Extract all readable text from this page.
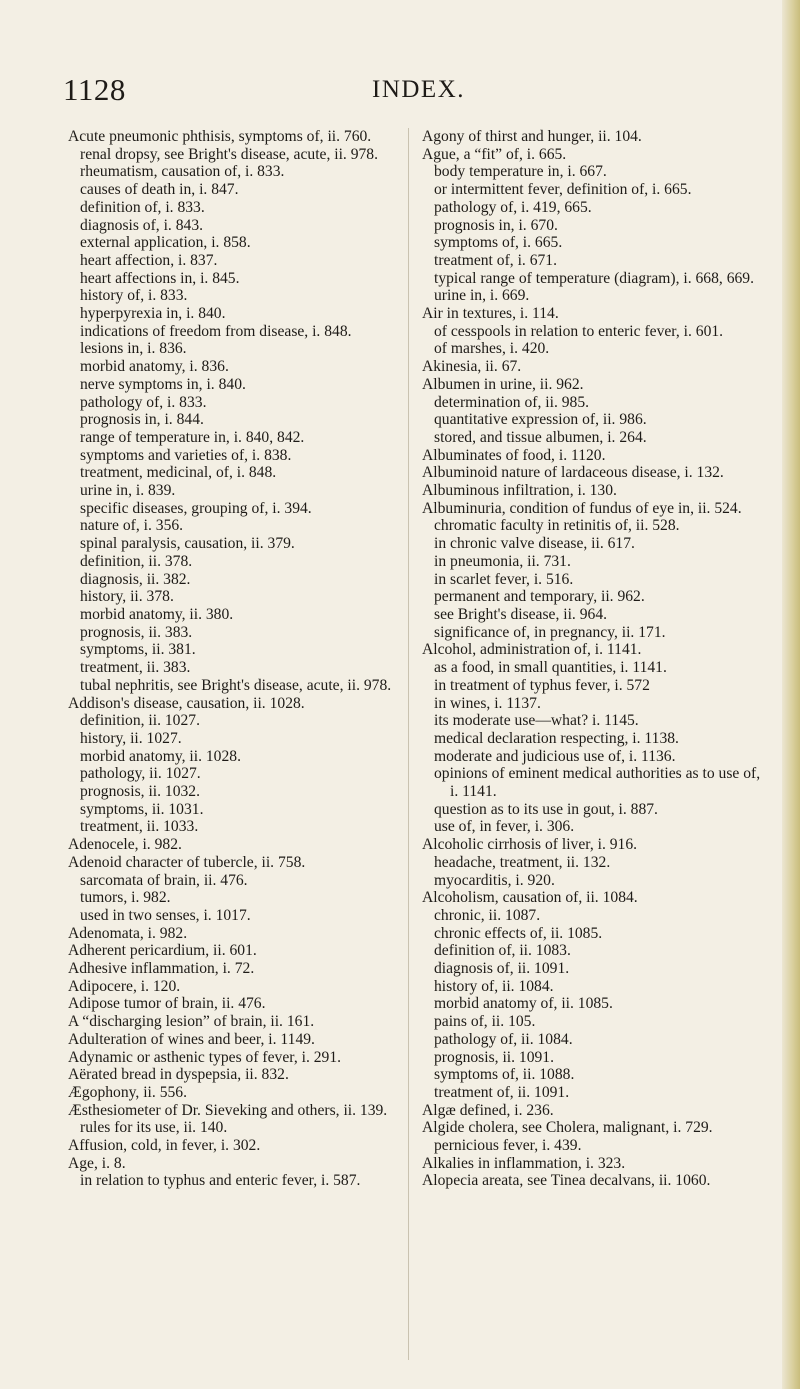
1128	INDEX.

Acute pneumonic phthisis, symptoms of, ii. 760.

renal dropsy, see Bright's disease, acute, ii. 978.

rheumatism, causation of, i. 833.

causes of death in, i. 847.

definition of, i. 833.

diagnosis of, i. 843.

external application, i. 858.

heart affection, i. 837.

heart affections in, i. 845.

history of, i. 833.

hyperpyrexia in, i. 840.

indications of freedom from disease, i. 848.

lesions in, i. 836.

morbid anatomy, i. 836.

nerve symptoms in, i. 840.

pathology of, i. 833.

prognosis in, i. 844.

range of temperature in, i. 840, 842.

symptoms and varieties of, i. 838.

treatment, medicinal, of, i. 848.

urine in, i. 839.

specific diseases, grouping of, i. 394.

nature of, i. 356.

spinal paralysis, causation, ii. 379.

definition, ii. 378.

diagnosis, ii. 382.

history, ii. 378.

morbid anatomy, ii. 380.

prognosis, ii. 383.

symptoms, ii. 381.

treatment, ii. 383.

tubal nephritis, see Bright's disease, acute, ii. 978.

Addison's disease, causation, ii. 1028.

definition, ii. 1027.

history, ii. 1027.

morbid anatomy, ii. 1028.

pathology, ii. 1027.

prognosis, ii. 1032.

symptoms, ii. 1031.

treatment, ii. 1033.

Adenocele, i. 982.

Adenoid character of tubercle, ii. 758.

sarcomata of brain, ii. 476.

tumors, i. 982.

used in two senses, i. 1017.

Adenomata, i. 982.

Adherent pericardium, ii. 601.

Adhesive inflammation, i. 72.

Adipocere, i. 120.

Adipose tumor of brain, ii. 476.

A “discharging lesion” of brain, ii. 161.

Adulteration of wines and beer, i. 1149.

Adynamic or asthenic types of fever, i. 291.

Aërated bread in dyspepsia, ii. 832.

Ægophony, ii. 556.

Æsthesiometer of Dr. Sieveking and others, ii. 139.

rules for its use, ii. 140.

Affusion, cold, in fever, i. 302.

Age, i. 8.

in relation to typhus and enteric fever, i. 587.

Agony of thirst and hunger, ii. 104.

Ague, a “fit” of, i. 665.

body temperature in, i. 667.

or intermittent fever, definition of, i. 665.

pathology of, i. 419, 665.

prognosis in, i. 670.

symptoms of, i. 665.

treatment of, i. 671.

typical range of temperature (diagram), i. 668, 669.

urine in, i. 669.

Air in textures, i. 114.

of cesspools in relation to enteric fever, i. 601.

of marshes, i. 420.

Akinesia, ii. 67.

Albumen in urine, ii. 962.

determination of, ii. 985.

quantitative expression of, ii. 986.

stored, and tissue albumen, i. 264.

Albuminates of food, i. 1120.

Albuminoid nature of lardaceous disease, i. 132.

Albuminous infiltration, i. 130.

Albuminuria, condition of fundus of eye in, ii. 524.

chromatic faculty in retinitis of, ii. 528.

in chronic valve disease, ii. 617.

in pneumonia, ii. 731.

in scarlet fever, i. 516.

permanent and temporary, ii. 962.

see Bright's disease, ii. 964.

significance of, in pregnancy, ii. 171.

Alcohol, administration of, i. 1141.

as a food, in small quantities, i. 1141.

in treatment of typhus fever, i. 572

in wines, i. 1137.

its moderate use—what? i. 1145.

medical declaration respecting, i. 1138.

moderate and judicious use of, i. 1136.

opinions of eminent medical authorities as to use of, i. 1141.

question as to its use in gout, i. 887.

use of, in fever, i. 306.

Alcoholic cirrhosis of liver, i. 916.

headache, treatment, ii. 132.

myocarditis, i. 920.

Alcoholism, causation of, ii. 1084.

chronic, ii. 1087.

chronic effects of, ii. 1085.

definition of, ii. 1083.

diagnosis of, ii. 1091.

history of, ii. 1084.

morbid anatomy of, ii. 1085.

pains of, ii. 105.

pathology of, ii. 1084.

prognosis, ii. 1091.

symptoms of, ii. 1088.

treatment of, ii. 1091.

Algæ defined, i. 236.

Algide cholera, see Cholera, malignant, i. 729.

pernicious fever, i. 439.

Alkalies in inflammation, i. 323.

Alopecia areata, see Tinea decalvans, ii. 1060.
